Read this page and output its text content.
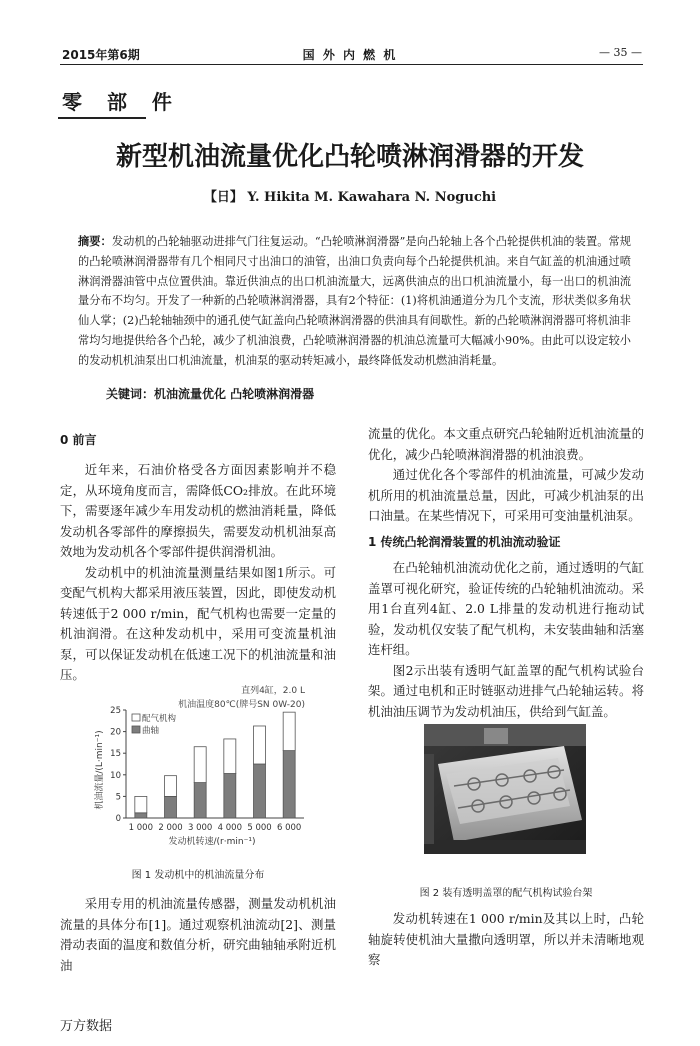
2015年第6期	国 外 内 燃 机	— 35 —
零 部 件
新型机油流量优化凸轮喷淋润滑器的开发
【日】 Y. Hikita M. Kawahara N. Noguchi
摘要：发动机的凸轮轴驱动进排气门往复运动。“凸轮喷淋润滑器”是向凸轮轴上各个凸轮提供机油的装置。常规的凸轮喷淋润滑器带有几个相同尺寸出油口的油管，出油口负责向每个凸轮提供机油。来自气缸盖的机油通过喷淋润滑器油管中点位置供油。靠近供油点的出口机油流量大，远离供油点的出口机油流量小，每一出口的机油流量分布不均匀。开发了一种新的凸轮喷淋润滑器，具有2个特征：(1)将机油通道分为几个支流，形状类似多角状仙人掌；(2)凸轮轴轴颈中的通孔使气缸盖向凸轮喷淋润滑器的供油具有间歇性。新的凸轮喷淋润滑器可将机油非常均匀地提供给各个凸轮，减少了机油浪费，凸轮喷淋润滑器的机油总流量可大幅减小90%。由此可以设定较小的发动机机油泵出口机油流量，机油泵的驱动转矩减小，最终降低发动机燃油消耗量。
关键词：机油流量优化 凸轮喷淋润滑器
0 前言

近年来，石油价格受各方面因素影响并不稳定，从环境角度而言，需降低CO₂排放。在此环境下，需要逐年减少车用发动机的燃油消耗量，降低发动机各零部件的摩擦损失，需要发动机机油泵高效地为发动机各个零部件提供润滑机油。

发动机中的机油流量测量结果如图1所示。可变配气机构大都采用液压装置，因此，即使发动机转速低于2 000 r/min，配气机构也需要一定量的机油润滑。在这种发动机中，采用可变流量机油泵，可以保证发动机在低速工况下的机油流量和油压。

直列4缸，2.0 L
机油温度80℃(牌号SN 0W-20)
0
5
10
15
20
25
1 000 2 000 3 000 4 000 5 000 6 000
配气机构
曲轴
发动机转速/(r·min⁻¹)
机油流量/(L·min⁻¹)
图 1 发动机中的机油流量分布

采用专用的机油流量传感器，测量发动机机油流量的具体分布[1]。通过观察机油流动[2]、测量滑动表面的温度和数值分析，研究曲轴轴承附近机油

流量的优化。本文重点研究凸轮轴附近机油流量的优化，减少凸轮喷淋润滑器的机油浪费。

通过优化各个零部件的机油流量，可减少发动机所用的机油流量总量，因此，可减少机油泵的出口油量。在某些情况下，可采用可变油量机油泵。

1 传统凸轮润滑装置的机油流动验证

在凸轮轴机油流动优化之前，通过透明的气缸盖罩可视化研究，验证传统的凸轮轴机油流动。采用1台直列4缸、2.0 L排量的发动机进行拖动试验，发动机仅安装了配气机构，未安装曲轴和活塞连杆组。

图2示出装有透明气缸盖罩的配气机构试验台架。通过电机和正时链驱动进排气凸轮轴运转。将机油油压调节为发动机油压，供给到气缸盖。

图 2 装有透明盖罩的配气机构试验台架

发动机转速在1 000 r/min及其以上时，凸轮轴旋转使机油大量撒向透明罩，所以并未清晰地观察

万方数据
